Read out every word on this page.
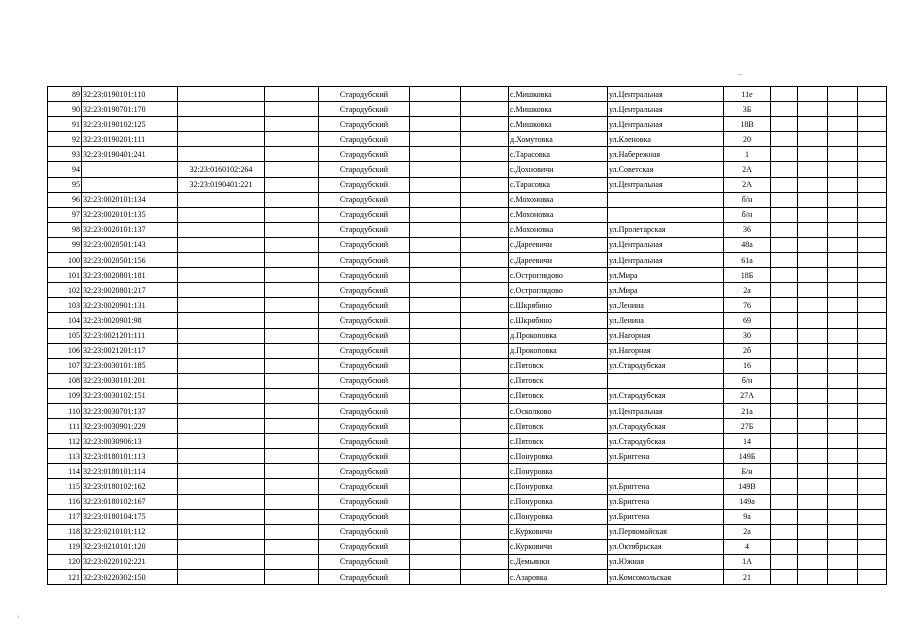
–
'
89	32:23:0190101:110			Стародубский			с.Мишковка	ул.Центральная	11е				
90	32:23:0190701:170			Стародубский			с.Мишковка	ул.Центральная	3Б				
91	32:23:0190102:125			Стародубский			с.Мишковка	ул.Центральная	18В				
92	32:23:0190201:111			Стародубский			д.Хомутовка	ул.Кленовка	20				
93	32:23:0190401:241			Стародубский			с.Тарасовка	ул.Набережная	1				
94		32:23:0160102:264		Стародубский			с.Дохновичи	ул.Советская	2А				
95		32:23:0190401:221		Стародубский			с.Тарасовка	ул.Центральная	2А				
96	32:23:0020101:134			Стародубский			с.Мохоновка		б/н				
97	32:23:0020101:135			Стародубский			с.Мохоновка		б/н				
98	32:23:0020101:137			Стародубский			с.Мохоновка	ул.Пролетарская	36				
99	32:23:0020501:143			Стародубский			с.Дареевичи	ул.Центральная	48а				
100	32:23:0020501:156			Стародубский			с.Дареевичи	ул.Центральная	61а				
101	32:23:0020801:181			Стародубский			с.Остроглядово	ул.Мира	18Б				
102	32:23:0020801:217			Стародубский			с.Остроглядово	ул.Мира	2а				
103	32:23:0020901:131			Стародубский			с.Шкрябино	ул.Ленина	76				
104	32:23:0020901:98			Стародубский			с.Шкрябино	ул.Ленина	69				
105	32:23:0021201:111			Стародубский			д.Прокоповка	ул.Нагорная	30				
106	32:23:0021201:117			Стародубский			д.Прокоповка	ул.Нагорная	2б				
107	32:23:0030101:185			Стародубский			с.Пятовск	ул.Стародубская	16				
108	32:23:0030101:201			Стародубский			с.Пятовск		б/н				
109	32:23:0030102:151			Стародубский			с.Пятовск	ул.Стародубская	27А				
110	32:23:0030701:137			Стародубский			с.Осколково	ул.Центральная	21а				
111	32:23:0030901:229			Стародубский			с.Пятовск	ул.Стародубская	27Б				
112	32:23:0030906:13			Стародубский			с.Пятовск	ул.Стародубская	14				
113	32:23:0180101:113			Стародубский			с.Понуровка	ул.Бриггена	149Б				
114	32:23:0180101:114			Стародубский			с.Понуровка		Б/н				
115	32:23:0180102:162			Стародубский			с.Понуровка	ул.Бриггена	149В				
116	32:23:0180102:167			Стародубский			с.Понуровка	ул.Бриггена	149а				
117	32:23:0180104:175			Стародубский			с.Понуровка	ул.Бриггена	9а				
118	32:23:0210101:112			Стародубский			с.Курковичи	ул.Первомайская	2а				
119	32:23:0210101:120			Стародубский			с.Курковичи	ул.Октябрьская	4				
120	32:23:0220102:221			Стародубский			с.Демьянки	ул.Южная	1А				
121	32:23:0220302:150			Стародубский			с.Азаровка	ул.Комсомольская	21				
